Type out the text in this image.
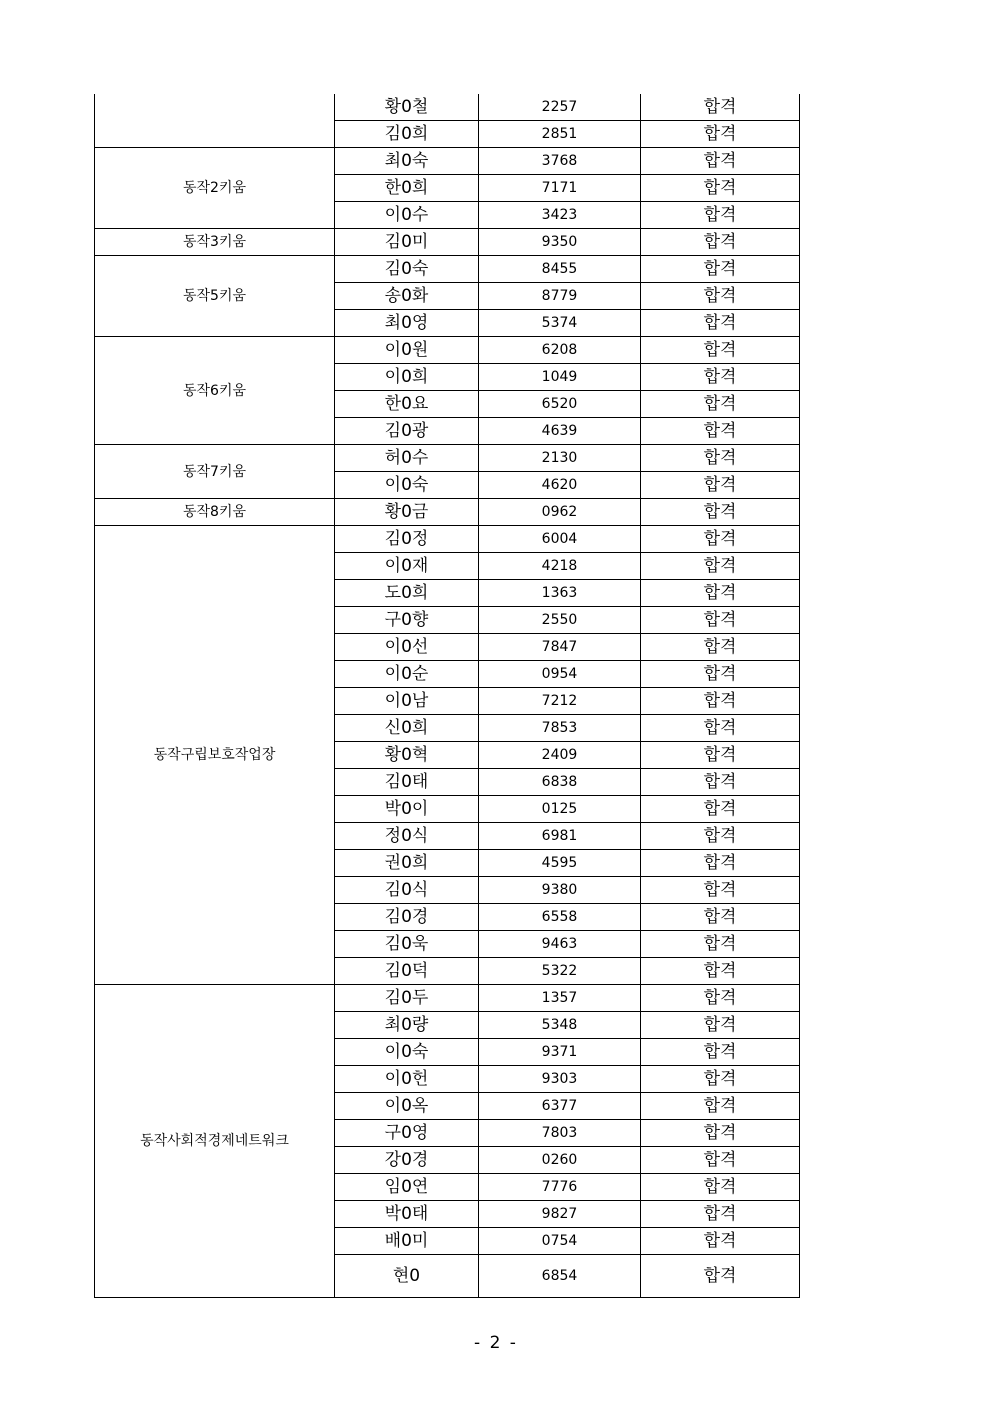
	황0철	2257	합격
	김0희	2851	합격
동작2키움	최0숙	3768	합격
	한0희	7171	합격
	이0수	3423	합격
동작3키움	김0미	9350	합격
동작5키움	김0숙	8455	합격
	송0화	8779	합격
	최0영	5374	합격
동작6키움	이0원	6208	합격
	이0희	1049	합격
	한0요	6520	합격
	김0광	4639	합격
동작7키움	허0수	2130	합격
	이0숙	4620	합격
동작8키움	황0금	0962	합격
동작구립보호작업장	김0정	6004	합격
	이0재	4218	합격
	도0희	1363	합격
	구0향	2550	합격
	이0선	7847	합격
	이0순	0954	합격
	이0남	7212	합격
	신0희	7853	합격
	황0혁	2409	합격
	김0태	6838	합격
	박0이	0125	합격
	정0식	6981	합격
	권0희	4595	합격
	김0식	9380	합격
	김0경	6558	합격
	김0욱	9463	합격
	김0덕	5322	합격
동작사회적경제네트워크	김0두	1357	합격
	최0량	5348	합격
	이0숙	9371	합격
	이0헌	9303	합격
	이0옥	6377	합격
	구0영	7803	합격
	강0경	0260	합격
	임0연	7776	합격
	박0태	9827	합격
	배0미	0754	합격
	현0	6854	합격
- 2 -
